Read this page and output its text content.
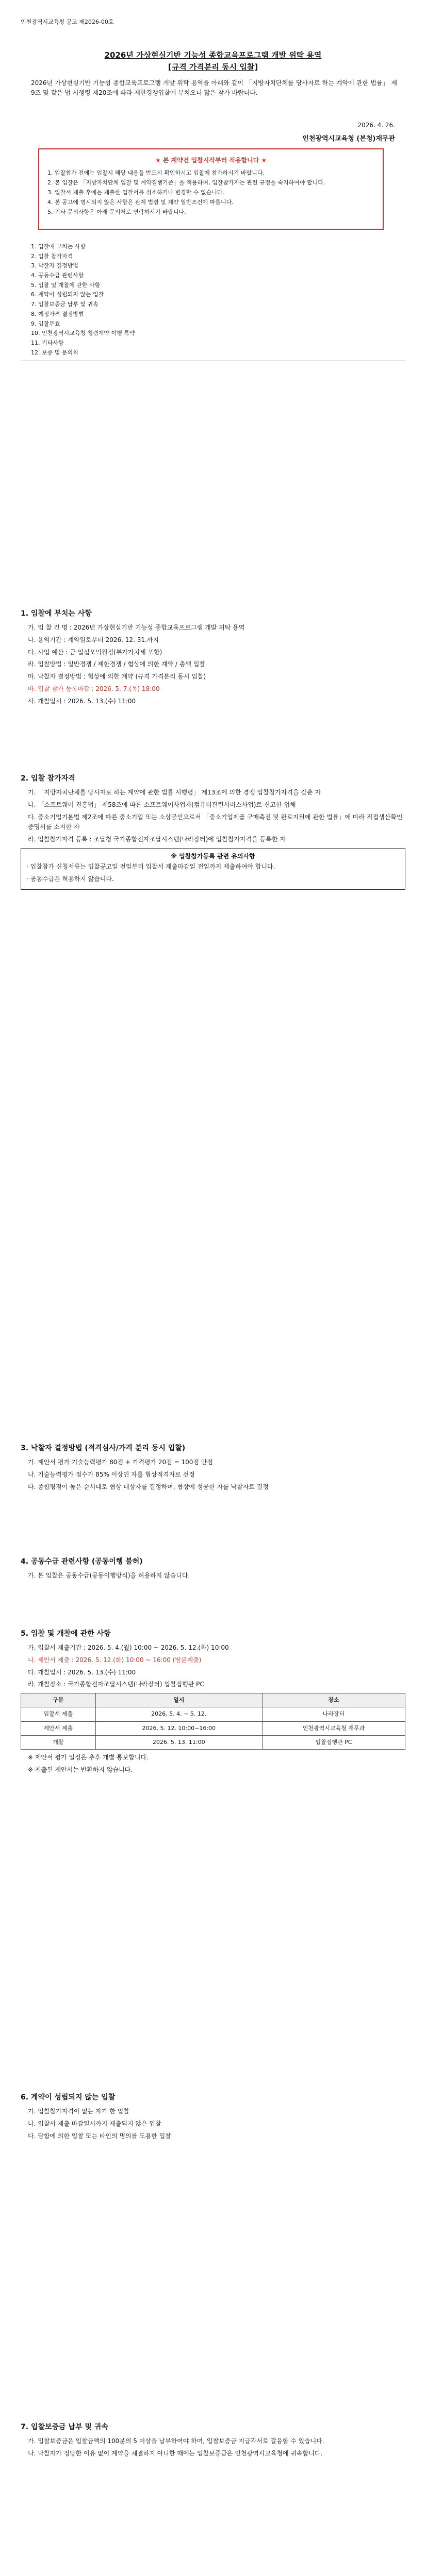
인천광역시교육청 공고 제2026-00호
2026년 가상현실기반 기능성 종합교육프로그램 개발 위탁 용역
[규격 가격분리 동시 입찰]
2026년 가상현실기반 기능성 종합교육프로그램 개발 위탁 용역을 아래와 같이 「지방자치단체를 당사자로 하는 계약에 관한 법률」 제9조 및 같은 법 시행령 제20조에 따라 제한경쟁입찰에 부치오니 많은 참가 바랍니다.
2026. 4. 26.
인천광역시교육청 (본청)재무관
★ 본 계약건 입찰시작부터 적용합니다 ★
1. 입찰참가 전에는 입찰시 해당 내용을 반드시 확인하시고 입찰에 참가하시기 바랍니다.
2. 본 입찰은 「지방자치단체 입찰 및 계약집행기준」을 적용하며, 입찰참가자는 관련 규정을 숙지하여야 합니다.
3. 입찰서 제출 후에는 제출한 입찰서를 취소하거나 변경할 수 없습니다.
4. 본 공고에 명시되지 않은 사항은 관계 법령 및 계약 일반조건에 따릅니다.
5. 기타 문의사항은 아래 문의처로 연락하시기 바랍니다.
1. 입찰에 부치는 사항
2. 입찰 참가자격
3. 낙찰자 결정방법
4. 공동수급 관련사항
5. 입찰 및 개찰에 관한 사항
6. 계약이 성립되지 않는 입찰
7. 입찰보증금 납부 및 귀속
8. 예정가격 결정방법
9. 입찰무효
10. 인천광역시교육청 청렴계약 이행 특약
11. 기타사항
12. 보증 및 문의처
1. 입찰에 부치는 사항

가. 입 찰 건 명 : 2026년 가상현실기반 기능성 종합교육프로그램 개발 위탁 용역

나. 용역기간 : 계약일로부터 2026. 12. 31.까지

다. 사업 예산 : 금 일십오억원정(부가가치세 포함)

라. 입찰방법 : 일반경쟁 / 제한경쟁 / 협상에 의한 계약 / 총액 입찰

마. 낙찰자 결정방법 : 협상에 의한 계약 (규격 가격분리 동시 입찰)

바. 입찰 참가 등록마감 : 2026. 5. 7.(목) 18:00

사. 개찰일시 : 2026. 5. 13.(수) 11:00

2. 입찰 참가자격

가. 「지방자치단체를 당사자로 하는 계약에 관한 법률 시행령」 제13조에 의한 경쟁 입찰참가자격을 갖춘 자

나. 「소프트웨어 진흥법」 제58조에 따른 소프트웨어사업자(컴퓨터관련서비스사업)로 신고한 업체

다. 중소기업기본법 제2조에 따른 중소기업 또는 소상공인으로서 「중소기업제품 구매촉진 및 판로지원에 관한 법률」에 따라 직접생산확인증명서를 소지한 자

라. 입찰참가자격 등록 : 조달청 국가종합전자조달시스템(나라장터)에 입찰참가자격을 등록한 자

※ 입찰참가등록 관련 유의사항

· 입찰참가 신청서류는 입찰공고일 전일부터 입찰서 제출마감일 전일까지 제출하여야 합니다.

· 공동수급은 허용하지 않습니다.

3. 낙찰자 결정방법 (적격심사/가격 분리 동시 입찰)

가. 제안서 평가 기술능력평가 80점 + 가격평가 20점 = 100점 만점

나. 기술능력평가 점수가 85% 이상인 자를 협상적격자로 선정

다. 종합평점이 높은 순서대로 협상 대상자를 결정하며, 협상에 성공한 자를 낙찰자로 결정

4. 공동수급 관련사항 (공동이행 불허)

가. 본 입찰은 공동수급(공동이행방식)을 허용하지 않습니다.

5. 입찰 및 개찰에 관한 사항

가. 입찰서 제출기간 : 2026. 5. 4.(월) 10:00 ~ 2026. 5. 12.(화) 10:00

나. 제안서 제출 : 2026. 5. 12.(화) 10:00 ~ 16:00 (방문제출)

다. 개찰일시 : 2026. 5. 13.(수) 11:00

라. 개찰장소 : 국가종합전자조달시스템(나라장터) 입찰집행관 PC

구분	일시	장소
입찰서 제출	2026. 5. 4. ~ 5. 12.	나라장터
제안서 제출	2026. 5. 12. 10:00~16:00	인천광역시교육청 재무과
개찰	2026. 5. 13. 11:00	입찰집행관 PC

※ 제안서 평가 일정은 추후 개별 통보합니다.

※ 제출된 제안서는 반환하지 않습니다.

6. 계약이 성립되지 않는 입찰

가. 입찰참가자격이 없는 자가 한 입찰

나. 입찰서 제출 마감일시까지 제출되지 않은 입찰

다. 담합에 의한 입찰 또는 타인의 명의를 도용한 입찰

7. 입찰보증금 납부 및 귀속

가. 입찰보증금은 입찰금액의 100분의 5 이상을 납부하여야 하며, 입찰보증금 지급각서로 갈음할 수 있습니다.

나. 낙찰자가 정당한 이유 없이 계약을 체결하지 아니한 때에는 입찰보증금은 인천광역시교육청에 귀속합니다.
